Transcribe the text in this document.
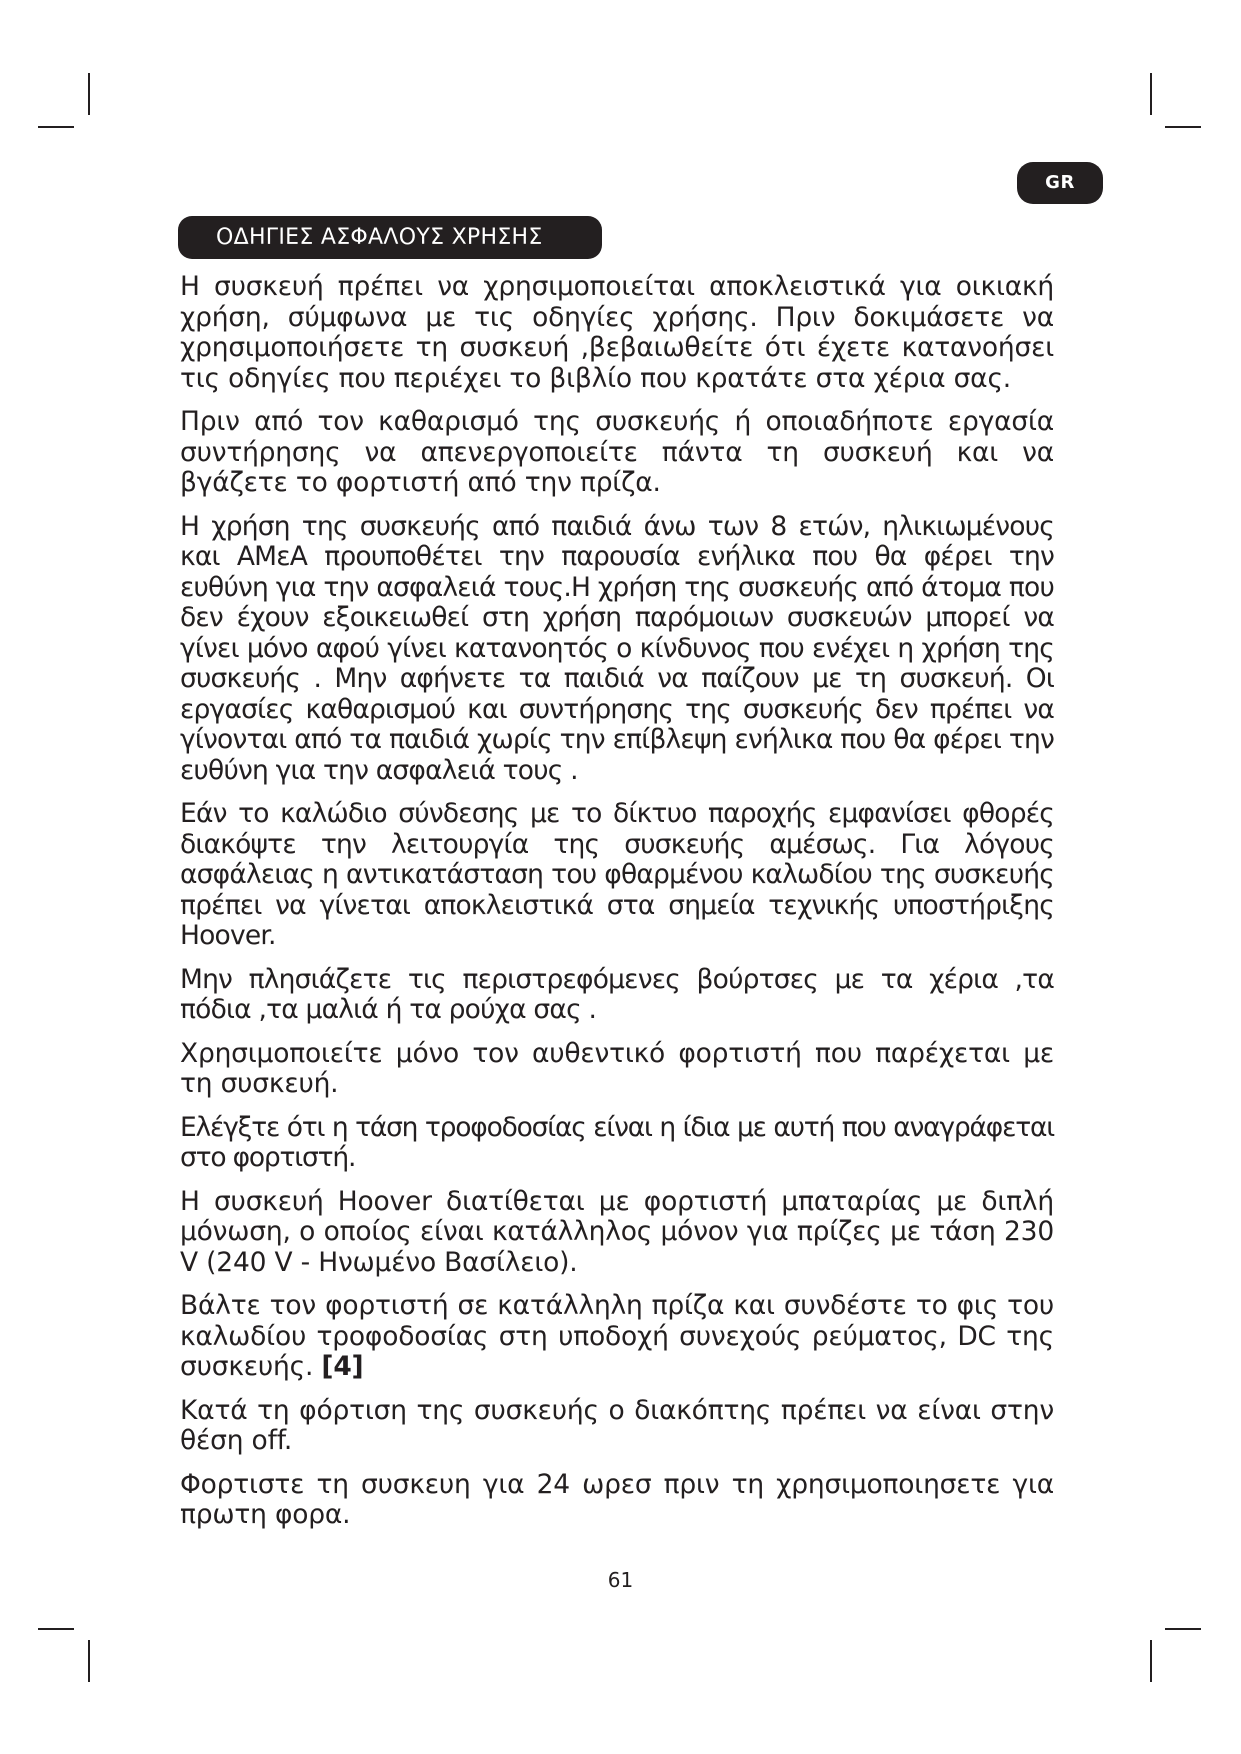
GR
ΟΔΗΓΙΕΣ ΑΣΦΑΛΟΥΣ ΧΡΗΣΗΣ

Η συσκευή πρέπει να χρησιμοποιείται αποκλειστικά για οικιακή χρήση, σύμφωνα με τις οδηγίες χρήσης. Πριν δοκιμάσετε να χρησιμοποιήσετε τη συσκευή ,βεβαιωθείτε ότι έχετε κατανοήσει τις οδηγίες που περιέχει το βιβλίο που κρατάτε στα χέρια σας.

Πριν από τον καθαρισμό της συσκευής ή οποιαδήποτε εργασία συντήρησης να απενεργοποιείτε πάντα τη συσκευή και να βγάζετε το φορτιστή από την πρίζα.

Η χρήση της συσκευής από παιδιά άνω των 8 ετών, ηλικιωμένους και ΑΜεΑ προυποθέτει την παρουσία ενήλικα που θα φέρει την ευθύνη για την ασφαλειά τους.Η χρήση της συσκευής από άτομα που δεν έχουν εξοικειωθεί στη χρήση παρόμοιων συσκευών μπορεί να γίνει μόνο αφού γίνει κατανοητός ο κίνδυνος που ενέχει η χρήση της συσκευής . Μην αφήνετε τα παιδιά να παίζουν με τη συσκευή. Οι εργασίες καθαρισμού και συντήρησης της συσκευής δεν πρέπει να γίνονται από τα παιδιά χωρίς την επίβλεψη ενήλικα που θα φέρει την ευθύνη για την ασφαλειά τους .

Εάν το καλώδιο σύνδεσης με το δίκτυο παροχής εμφανίσει φθορές διακόψτε την λειτουργία της συσκευής αμέσως. Για λόγους ασφάλειας η αντικατάσταση του φθαρμένου καλωδίου της συσκευής πρέπει να γίνεται αποκλειστικά στα σημεία τεχνικής υποστήριξης Hoover.

Μην πλησιάζετε τις περιστρεφόμενες βούρτσες με τα χέρια ,τα πόδια ,τα μαλιά ή τα ρούχα σας .

Χρησιμοποιείτε μόνο τον αυθεντικό φορτιστή που παρέχεται με τη συσκευή.

Ελέγξτε ότι η τάση τροφοδοσίας είναι η ίδια με αυτή που αναγράφεται στο φορτιστή.

Η συσκευή Hoover διατίθεται με φορτιστή μπαταρίας με διπλή μόνωση, ο οποίος είναι κατάλληλος μόνον για πρίζες με τάση 230 V (240 V - Ηνωμένο Βασίλειο).

Βάλτε τον φορτιστή σε κατάλληλη πρίζα και συνδέστε το φις του καλωδίου τροφοδοσίας στη υποδοχή συνεχούς ρεύματος, DC της συσκευής. [4]

Κατά τη φόρτιση της συσκευής ο διακόπτης πρέπει να είναι στην θέση off.

Φορτιστε τη συσκευη για 24 ωρεσ πριν τη χρησιμοποιησετε για πρωτη φορα.

61
